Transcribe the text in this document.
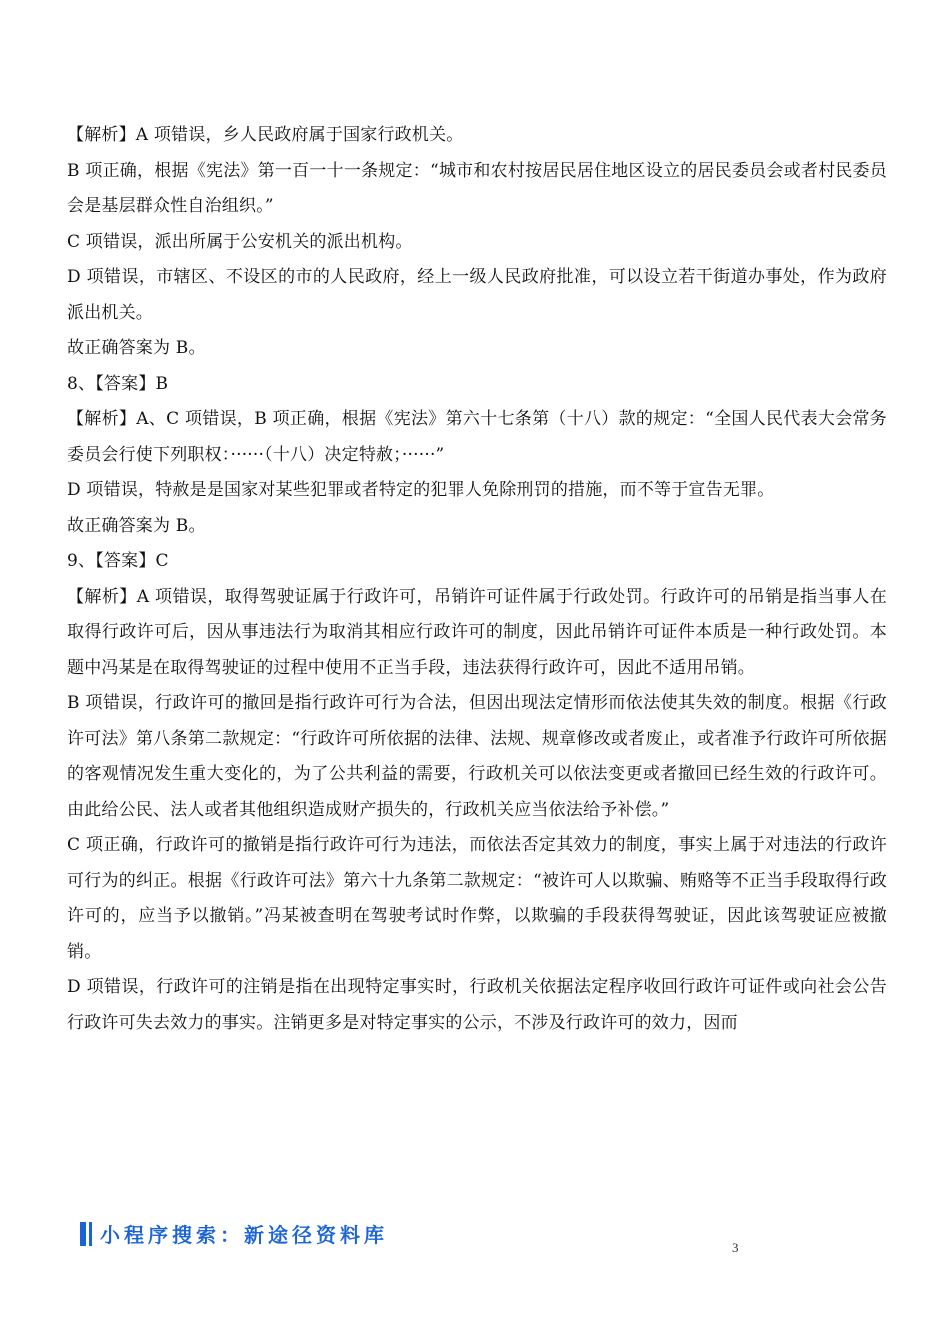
【解析】A 项错误，乡人民政府属于国家行政机关。

B 项正确，根据《宪法》第一百一十一条规定：“城市和农村按居民居住地区设立的居民委员会或者村民委员会是基层群众性自治组织。”

C 项错误，派出所属于公安机关的派出机构。

D 项错误，市辖区、不设区的市的人民政府，经上一级人民政府批准，可以设立若干街道办事处，作为政府派出机关。

故正确答案为 B。

8、【答案】B

【解析】A、C 项错误，B 项正确，根据《宪法》第六十七条第（十八）款的规定：“全国人民代表大会常务委员会行使下列职权：······（十八）决定特赦；······”

D 项错误，特赦是是国家对某些犯罪或者特定的犯罪人免除刑罚的措施，而不等于宣告无罪。

故正确答案为 B。

9、【答案】C

【解析】A 项错误，取得驾驶证属于行政许可，吊销许可证件属于行政处罚。行政许可的吊销是指当事人在取得行政许可后，因从事违法行为取消其相应行政许可的制度，因此吊销许可证件本质是一种行政处罚。本题中冯某是在取得驾驶证的过程中使用不正当手段，违法获得行政许可，因此不适用吊销。

B 项错误，行政许可的撤回是指行政许可行为合法，但因出现法定情形而依法使其失效的制度。根据《行政许可法》第八条第二款规定：“行政许可所依据的法律、法规、规章修改或者废止，或者准予行政许可所依据的客观情况发生重大变化的，为了公共利益的需要，行政机关可以依法变更或者撤回已经生效的行政许可。由此给公民、法人或者其他组织造成财产损失的，行政机关应当依法给予补偿。”

C 项正确，行政许可的撤销是指行政许可行为违法，而依法否定其效力的制度，事实上属于对违法的行政许可行为的纠正。根据《行政许可法》第六十九条第二款规定：“被许可人以欺骗、贿赂等不正当手段取得行政许可的，应当予以撤销。”冯某被查明在驾驶考试时作弊，以欺骗的手段获得驾驶证，因此该驾驶证应被撤销。

D 项错误，行政许可的注销是指在出现特定事实时，行政机关依据法定程序收回行政许可证件或向社会公告行政许可失去效力的事实。注销更多是对特定事实的公示，不涉及行政许可的效力，因而

小程序搜索：新途径资料库
3
